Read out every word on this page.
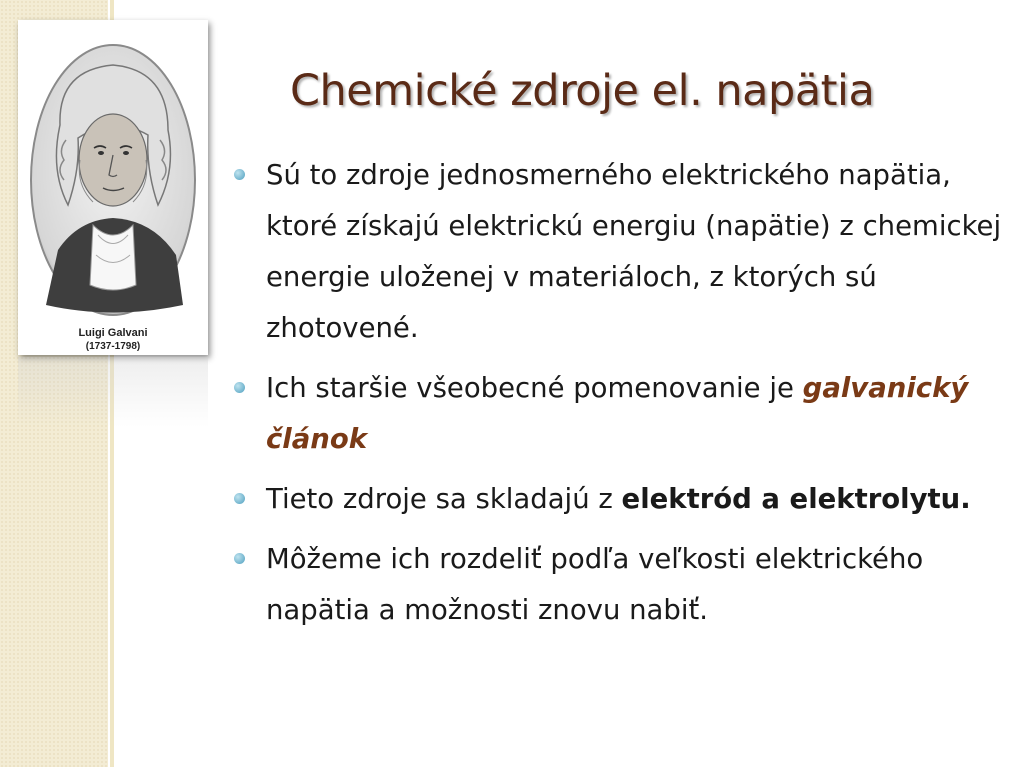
Luigi Galvani
(1737-1798)
Chemické zdroje el. napätia
Sú to zdroje jednosmerného elektrického napätia, ktoré získajú elektrickú energiu (napätie) z chemickej energie uloženej v materiáloch, z ktorých sú zhotovené.
Ich staršie všeobecné pomenovanie je galvanický článok
Tieto zdroje sa skladajú z elektród a elektrolytu.
Môžeme ich rozdeliť podľa veľkosti elektrického napätia a možnosti znovu nabiť.
